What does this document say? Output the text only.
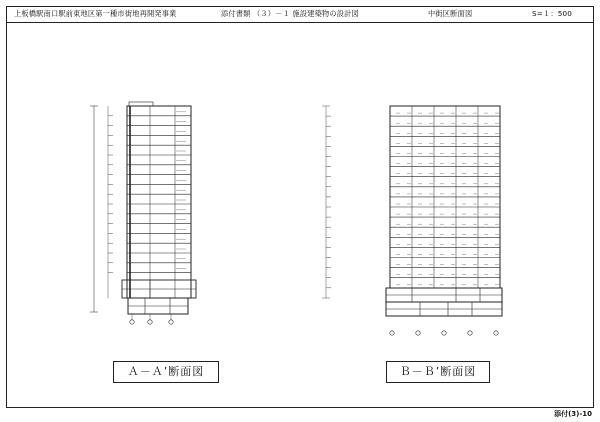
上板橋駅南口駅前東地区第一種市街地再開発事業	添付書類 （３）－１ 施設建築物の設計図	中街区断面図	S=１：500
Ａ－Ａ’断面図	Ｂ－Ｂ’断面図
添付(3)-10
